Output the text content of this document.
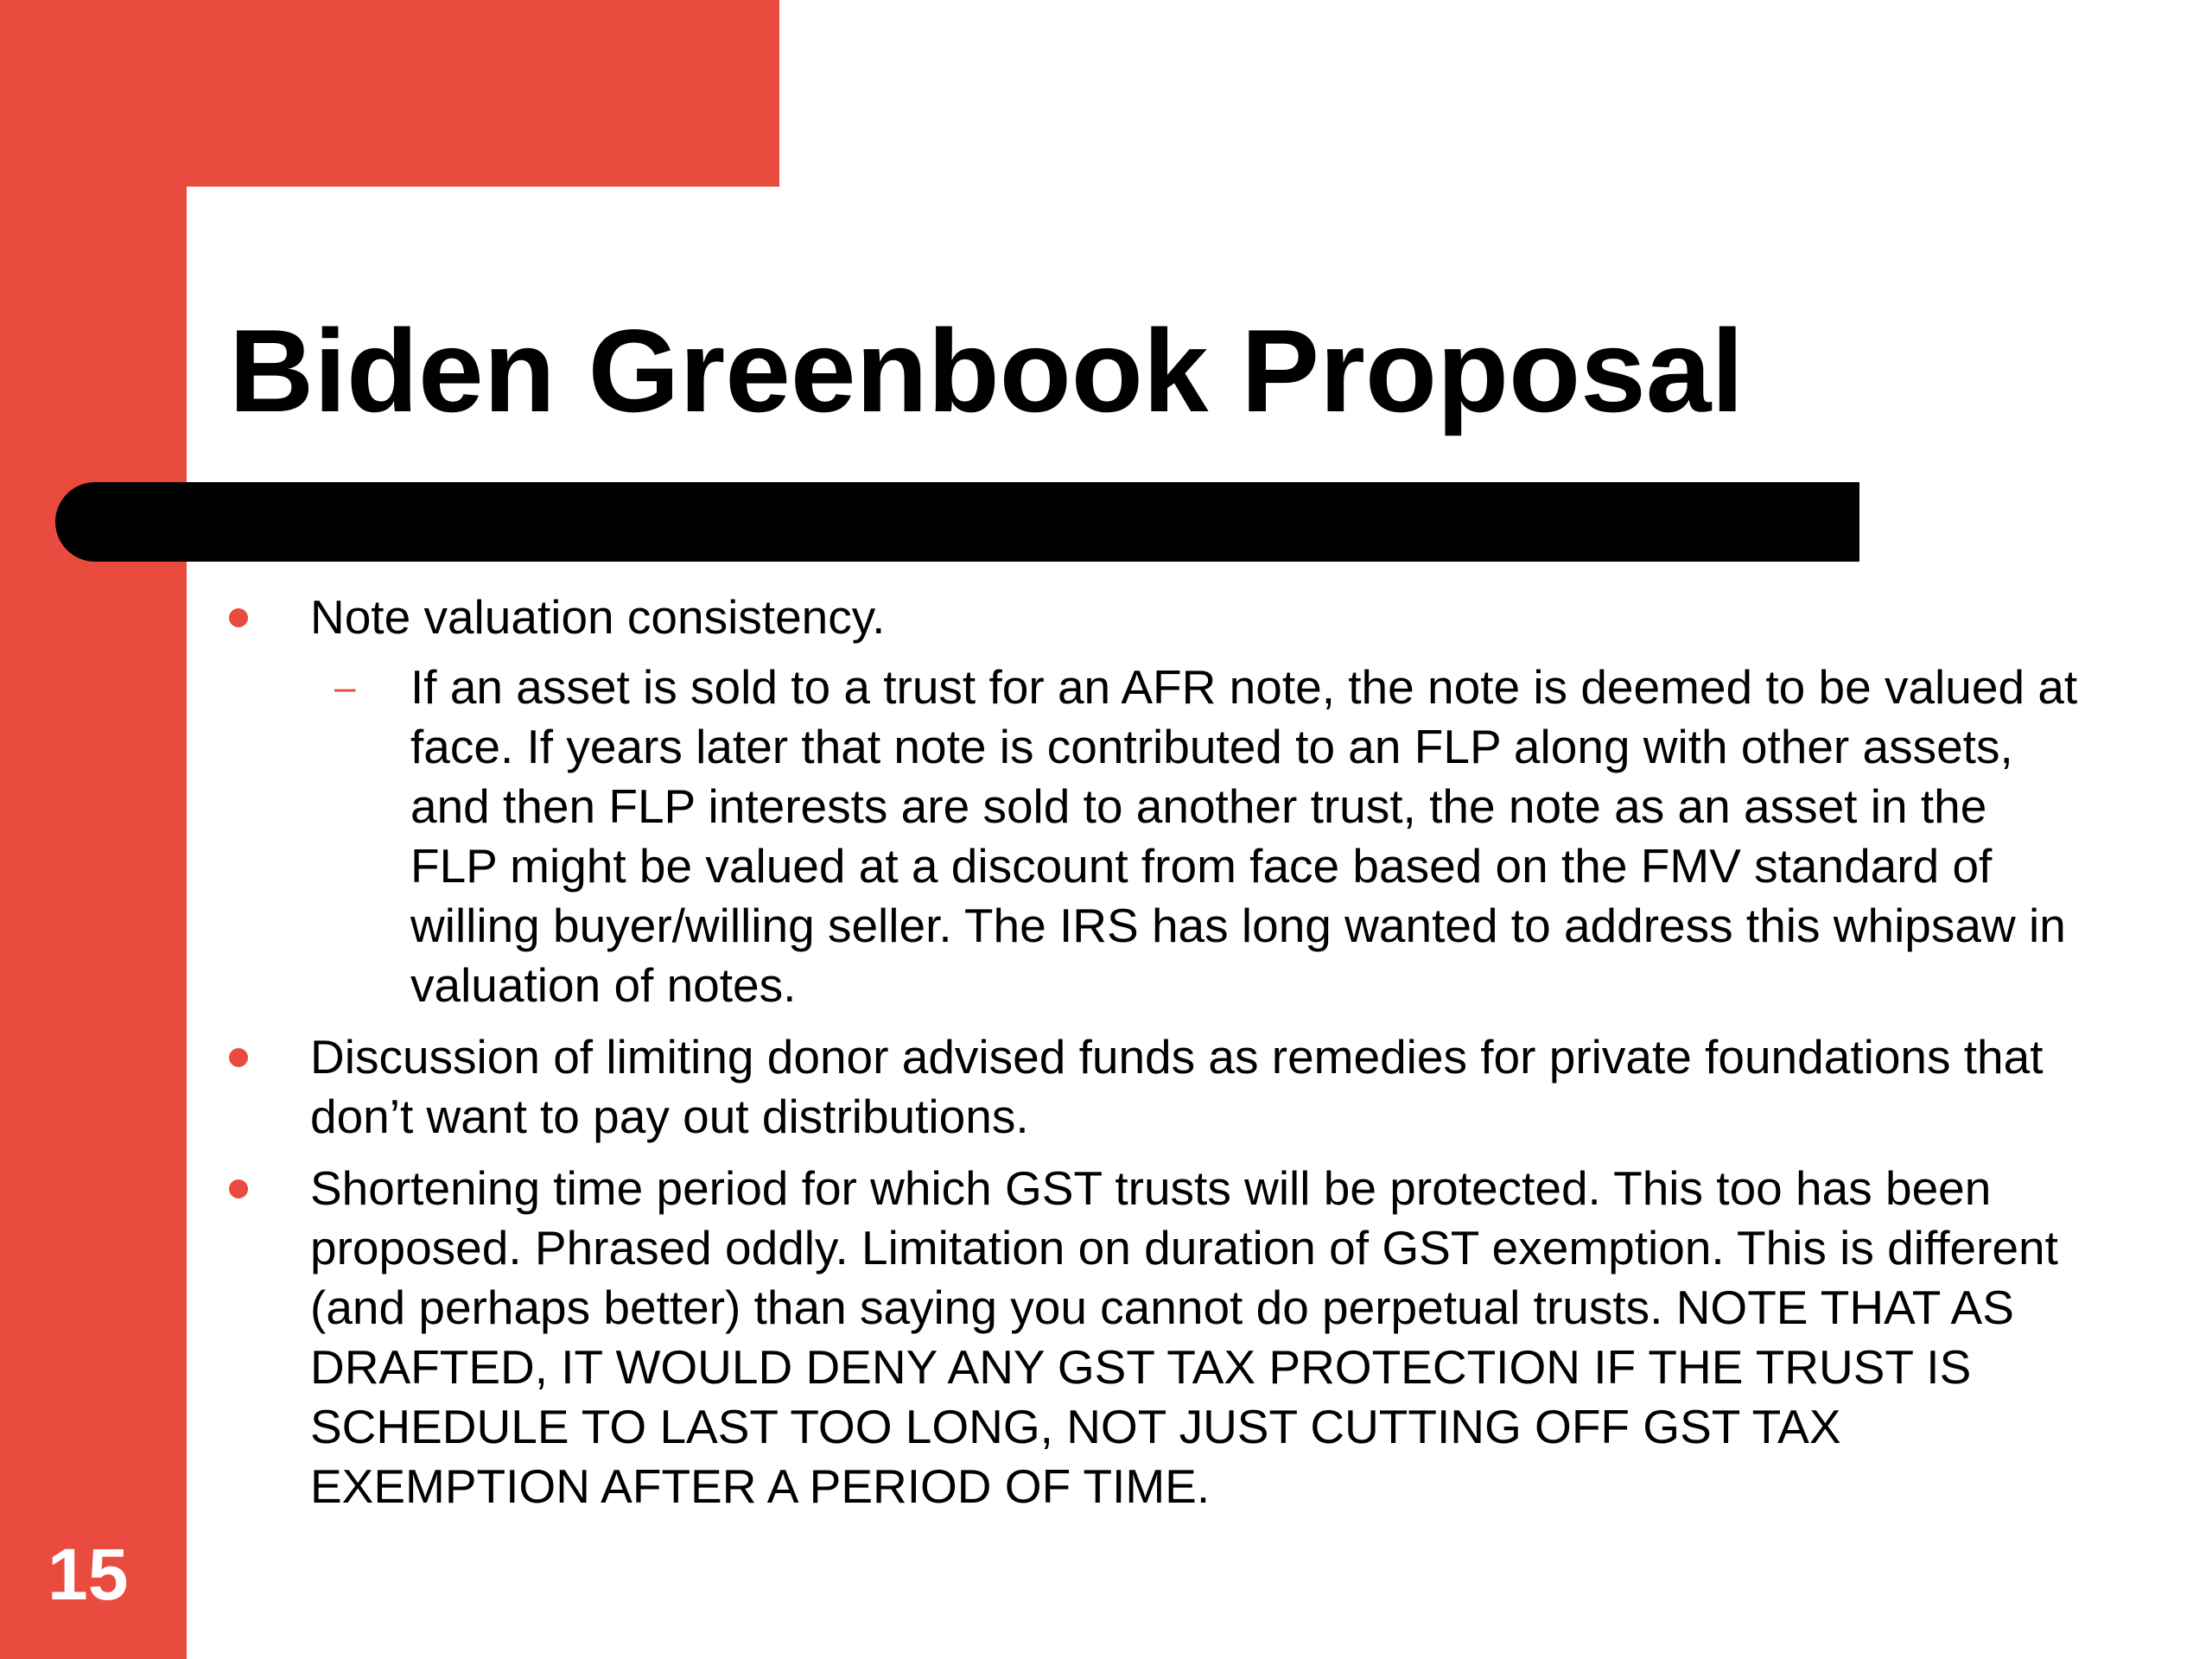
Biden Greenbook Proposal
Note valuation consistency.
– If an asset is sold to a trust for an AFR note, the note is deemed to be valued at face. If years later that note is contributed to an FLP along with other assets, and then FLP interests are sold to another trust, the note as an asset in the FLP might be valued at a discount from face based on the FMV standard of willing buyer/willing seller. The IRS has long wanted to address this whipsaw in valuation of notes.
Discussion of limiting donor advised funds as remedies for private foundations that don’t want to pay out distributions.
Shortening time period for which GST trusts will be protected. This too has been proposed. Phrased oddly. Limitation on duration of GST exemption. This is different (and perhaps better) than saying you cannot do perpetual trusts. NOTE THAT AS DRAFTED, IT WOULD DENY ANY GST TAX PROTECTION IF THE TRUST IS SCHEDULE TO LAST TOO LONG, NOT JUST CUTTING OFF GST TAX EXEMPTION AFTER A PERIOD OF TIME.
15
